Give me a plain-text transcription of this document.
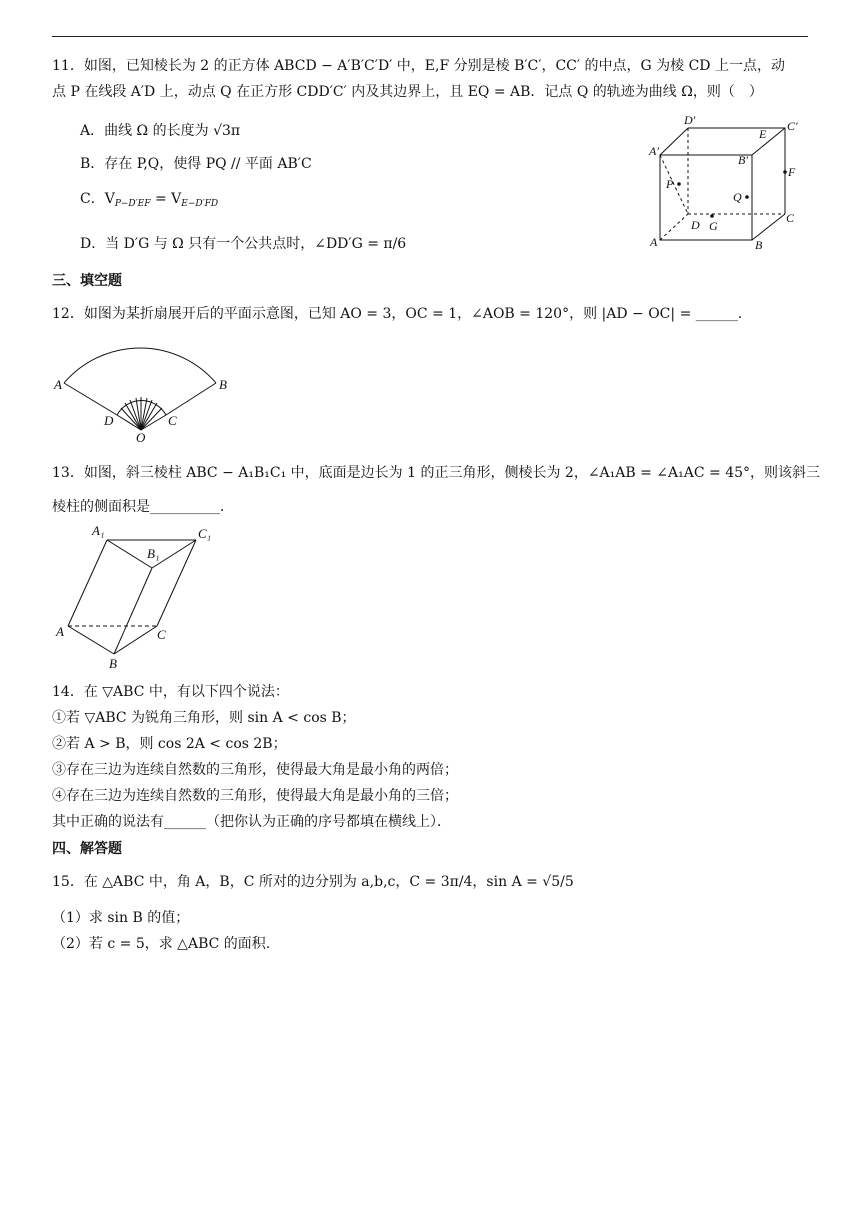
11．如图，已知棱长为 2 的正方体 ABCD − A′B′C′D′ 中，E,F 分别是棱 B′C′，CC′ 的中点，G 为棱 CD 上一点，动
点 P 在线段 A′D 上，动点 Q 在正方形 CDD′C′ 内及其边界上，且 EQ = AB．记点 Q 的轨迹为曲线 Ω，则（　）
A．曲线 Ω 的长度为 √3π
B．存在 P,Q，使得 PQ // 平面 AB′C
C．$V_{P-D'EF} = V_{E-D'FD}$
D．当 D′G 与 Ω 只有一个公共点时，∠DD′G = π/6
D′	C′
A′
B′
E
F
P
Q
D G
C
A	B
三、填空题
12．如图为某折扇展开后的平面示意图，已知 AO = 3，OC = 1，∠AOB = 120°，则 |AD − OC| = ______．
A	B
D	C
O
13．如图，斜三棱柱 ABC − A₁B₁C₁ 中，底面是边长为 1 的正三角形，侧棱长为 2，∠A₁AB = ∠A₁AC = 45°，则该斜三
棱柱的侧面积是__________．
A₁
B₁
C₁
A
B
C
14．在 ▽ABC 中，有以下四个说法：
①若 ▽ABC 为锐角三角形，则 sin A < cos B；
②若 A > B，则 cos 2A < cos 2B；
③存在三边为连续自然数的三角形，使得最大角是最小角的两倍；
④存在三边为连续自然数的三角形，使得最大角是最小角的三倍；
其中正确的说法有______（把你认为正确的序号都填在横线上）．
四、解答题
15．在 △ABC 中，角 A，B，C 所对的边分别为 a,b,c，C = 3π/4，sin A = √5/5
（1）求 sin B 的值；
（2）若 c = 5，求 △ABC 的面积.
